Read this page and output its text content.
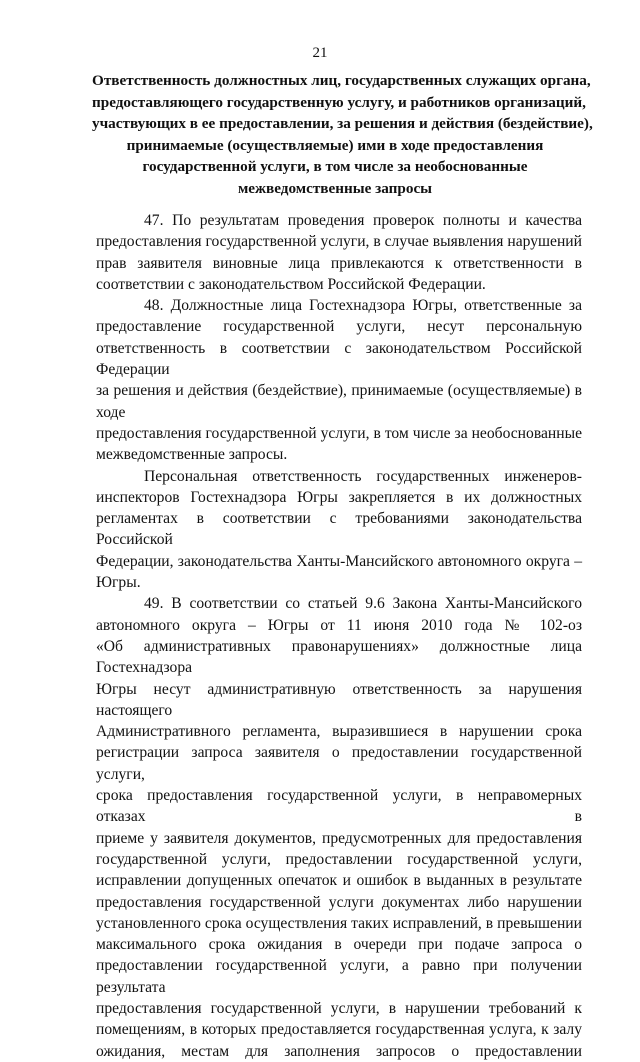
21
Ответственность должностных лиц, государственных служащих органа,
предоставляющего государственную услугу, и работников организаций,
участвующих в ее предоставлении, за решения и действия (бездействие),
принимаемые (осуществляемые) ими в ходе предоставления
государственной услуги, в том числе за необоснованные
межведомственные запросы
47. По результатам проведения проверок полноты и качества
предоставления государственной услуги, в случае выявления нарушений
прав заявителя виновные лица привлекаются к ответственности в
соответствии с законодательством Российской Федерации.
48. Должностные лица Гостехнадзора Югры, ответственные за
предоставление государственной услуги, несут персональную
ответственность в соответствии с законодательством Российской Федерации
за решения и действия (бездействие), принимаемые (осуществляемые) в ходе
предоставления государственной услуги, в том числе за необоснованные
межведомственные запросы.
Персональная ответственность государственных инженеров-
инспекторов Гостехнадзора Югры закрепляется в их должностных
регламентах в соответствии с требованиями законодательства Российской
Федерации, законодательства Ханты-Мансийского автономного округа –
Югры.
49. В соответствии со статьей 9.6 Закона Ханты-Мансийского
автономного округа – Югры от 11 июня 2010 года № 102-оз
«Об административных правонарушениях» должностные лица Гостехнадзора
Югры несут административную ответственность за нарушения настоящего
Административного регламента, выразившиеся в нарушении срока
регистрации запроса заявителя о предоставлении государственной услуги,
срока предоставления государственной услуги, в неправомерных отказах в
приеме у заявителя документов, предусмотренных для предоставления
государственной услуги, предоставлении государственной услуги,
исправлении допущенных опечаток и ошибок в выданных в результате
предоставления государственной услуги документах либо нарушении
установленного срока осуществления таких исправлений, в превышении
максимального срока ожидания в очереди при подаче запроса о
предоставлении государственной услуги, а равно при получении результата
предоставления государственной услуги, в нарушении требований к
помещениям, в которых предоставляется государственная услуга, к залу
ожидания, местам для заполнения запросов о предоставлении
